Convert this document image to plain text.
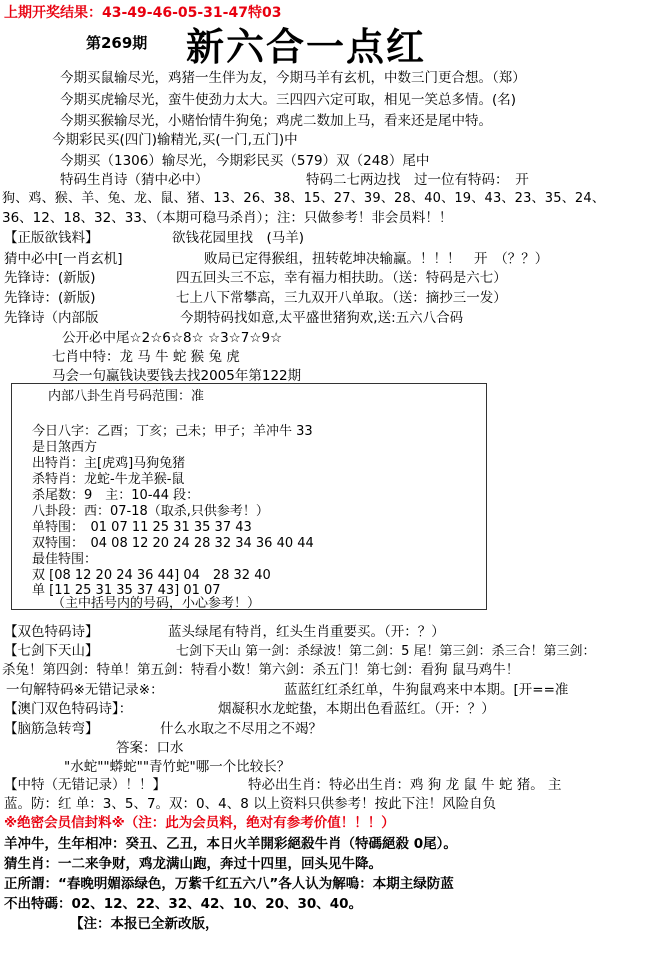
上期开奖结果：43-49-46-05-31-47特03
第269期 新六合一点红
今期买鼠输尽光，鸡猪一生伴为友，今期马羊有玄机，中数三门更合想。（郑）
今期买虎输尽光，蛮牛使劲力太大。三四四六定可取，相见一笑总多情。(名)
今期买猴输尽光，小赌怡情牛狗兔；鸡虎二数加上马，看来还是尾中特。
今期彩民买(四门)输精光,买(一门,五门)中
今期买（1306）输尽光，今期彩民买（579）双（248）尾中
特码生肖诗（猜中必中）	特码二七两边找　过一位有特码：　开
狗、鸡、猴、羊、兔、龙、鼠、猪、13、26、38、15、27、39、28、40、19、43、23、35、24、
36、12、18、32、33、（本期可稳马杀肖）；注：只做参考！非会员料！！
【正版欲钱料】	欲钱花园里找　(马羊)
猜中必中[一肖玄机]	败局已定得猴组，扭转乾坤决输赢。！！！　开　（？？）
先锋诗：(新版)	四五回头三不忘，幸有福力相扶助。（送：特码是六七）
先锋诗：(新版)	七上八下常攀高，三九双开八单取。（送：摘抄三一发）
先锋诗（内部版	今期特码找如意,太平盛世猪狗欢,送:五六八合码
公开必中尾☆2☆6☆8☆ ☆3☆7☆9☆
七肖中特：龙 马 牛 蛇 猴 兔 虎
马会一句赢钱诀要钱去找2005年第122期
内部八卦生肖号码范围：准
今日八字：乙酉；丁亥；己未；甲子；羊冲牛 33
是日煞西方
出特肖：主[虎鸡]马狗兔猪
杀特肖：龙蛇-牛龙羊猴-鼠
杀尾数：9　主：10-44 段：
八卦段：西：07-18（取杀,只供参考！）
单特围：　01 07 11 25 31 35 37 43
双特围：　04 08 12 20 24 28 32 34 36 40 44
最佳特围：
双 [08 12 20 24 36 44] 04　28 32 40
单 [11 25 31 35 37 43] 01 07
（主中括号内的号码，小心参考！）
【双色特码诗】	蓝头绿尾有特肖，红头生肖重要买。（开：？）
【七剑下天山】	七剑下天山 第一剑：杀绿波！第二剑：5 尾！第三剑：杀三合！第三剑：
杀兔！第四剑：特单！第五剑：特看小数！第六剑：杀五门！第七剑：看狗 鼠马鸡牛！
一句解特码※无错记录※：	蓝蓝红红杀红单，牛狗鼠鸡来中本期。[开==准
【澳门双色特码诗】：	烟凝积水龙蛇蛰，本期出色看蓝红。（开：？）
【脑筋急转弯】	什么水取之不尽用之不竭？
答案：口水
"水蛇""蟒蛇""青竹蛇"哪一个比较长？
【中特（无错记录）！！】	特必出生肖：特必出生肖：鸡 狗 龙 鼠 牛 蛇 猪。 主
蓝。防：红 单：3、5、7。双：0、4、8 以上资料只供参考！按此下注！风险自负
※绝密会员信封料※（注：此为会员料，绝对有参考价值！！！）
羊冲牛，生年相冲：癸丑、乙丑，本日火羊開彩絕殺牛肖（特碼絕殺 0尾）。
猜生肖：一二来争财，鸡龙满山跑，奔过十四里，回头见牛降。
正所謂：“春晚明媚添绿色，万紫千红五六八”各人认为解嗚：本期主绿防蓝
不出特碼：02、12、22、32、42、10、20、30、40。
【注：本报已全新改版，
